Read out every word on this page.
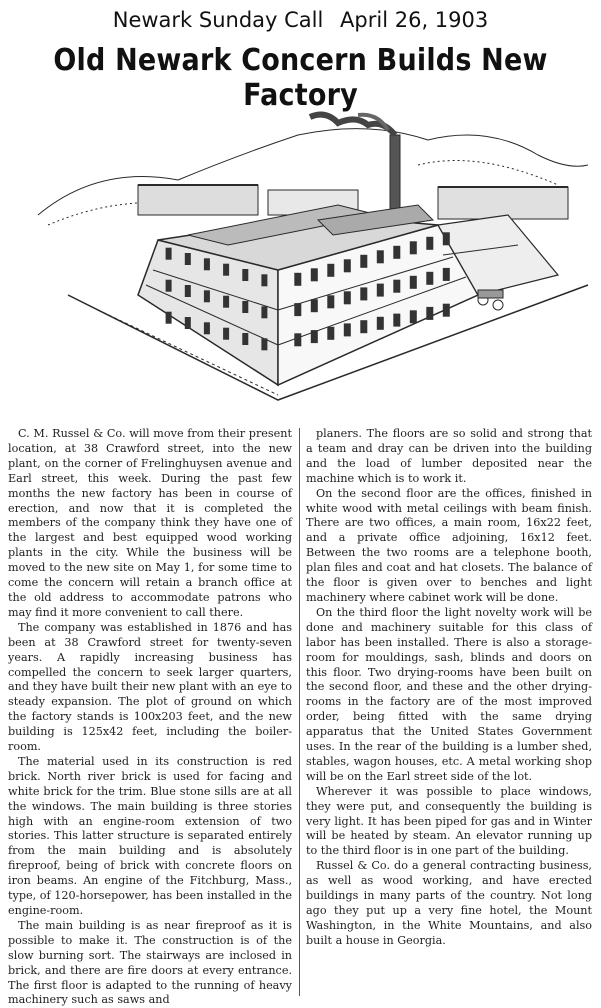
Newark Sunday Call April 26, 1903
Old Newark Concern Builds New Factory

C. M. Russel & Co. will move from their present location, at 38 Crawford street, into the new plant, on the corner of Frelinghuysen avenue and Earl street, this week. During the past few months the new factory has been in course of erection, and now that it is completed the members of the company think they have one of the largest and best equipped wood working plants in the city. While the business will be moved to the new site on May 1, for some time to come the concern will retain a branch office at the old address to accommodate patrons who may find it more convenient to call there.

The company was established in 1876 and has been at 38 Crawford street for twenty-seven years. A rapidly increasing business has compelled the concern to seek larger quarters, and they have built their new plant with an eye to steady expansion. The plot of ground on which the factory stands is 100x203 feet, and the new building is 125x42 feet, including the boiler-room.

The material used in its construction is red brick. North river brick is used for facing and white brick for the trim. Blue stone sills are at all the windows. The main building is three stories high with an engine-room extension of two stories. This latter structure is separated entirely from the main building and is absolutely fireproof, being of brick with concrete floors on iron beams. An engine of the Fitchburg, Mass., type, of 120-horsepower, has been installed in the engine-room.

The main building is as near fireproof as it is possible to make it. The construction is of the slow burning sort. The stairways are inclosed in brick, and there are fire doors at every entrance. The first floor is adapted to the running of heavy machinery such as saws and

planers. The floors are so solid and strong that a team and dray can be driven into the building and the load of lumber deposited near the machine which is to work it.

On the second floor are the offices, finished in white wood with metal ceilings with beam finish. There are two offices, a main room, 16x22 feet, and a private office adjoining, 16x12 feet. Between the two rooms are a telephone booth, plan files and coat and hat closets. The balance of the floor is given over to benches and light machinery where cabinet work will be done.

On the third floor the light novelty work will be done and machinery suitable for this class of labor has been installed. There is also a storage-room for mouldings, sash, blinds and doors on this floor. Two drying-rooms have been built on the second floor, and these and the other drying-rooms in the factory are of the most improved order, being fitted with the same drying apparatus that the United States Government uses. In the rear of the building is a lumber shed, stables, wagon houses, etc. A metal working shop will be on the Earl street side of the lot.

Wherever it was possible to place windows, they were put, and consequently the building is very light. It has been piped for gas and in Winter will be heated by steam. An elevator running up to the third floor is in one part of the building.

Russel & Co. do a general contracting business, as well as wood working, and have erected buildings in many parts of the country. Not long ago they put up a very fine hotel, the Mount Washington, in the White Mountains, and also built a house in Georgia.
